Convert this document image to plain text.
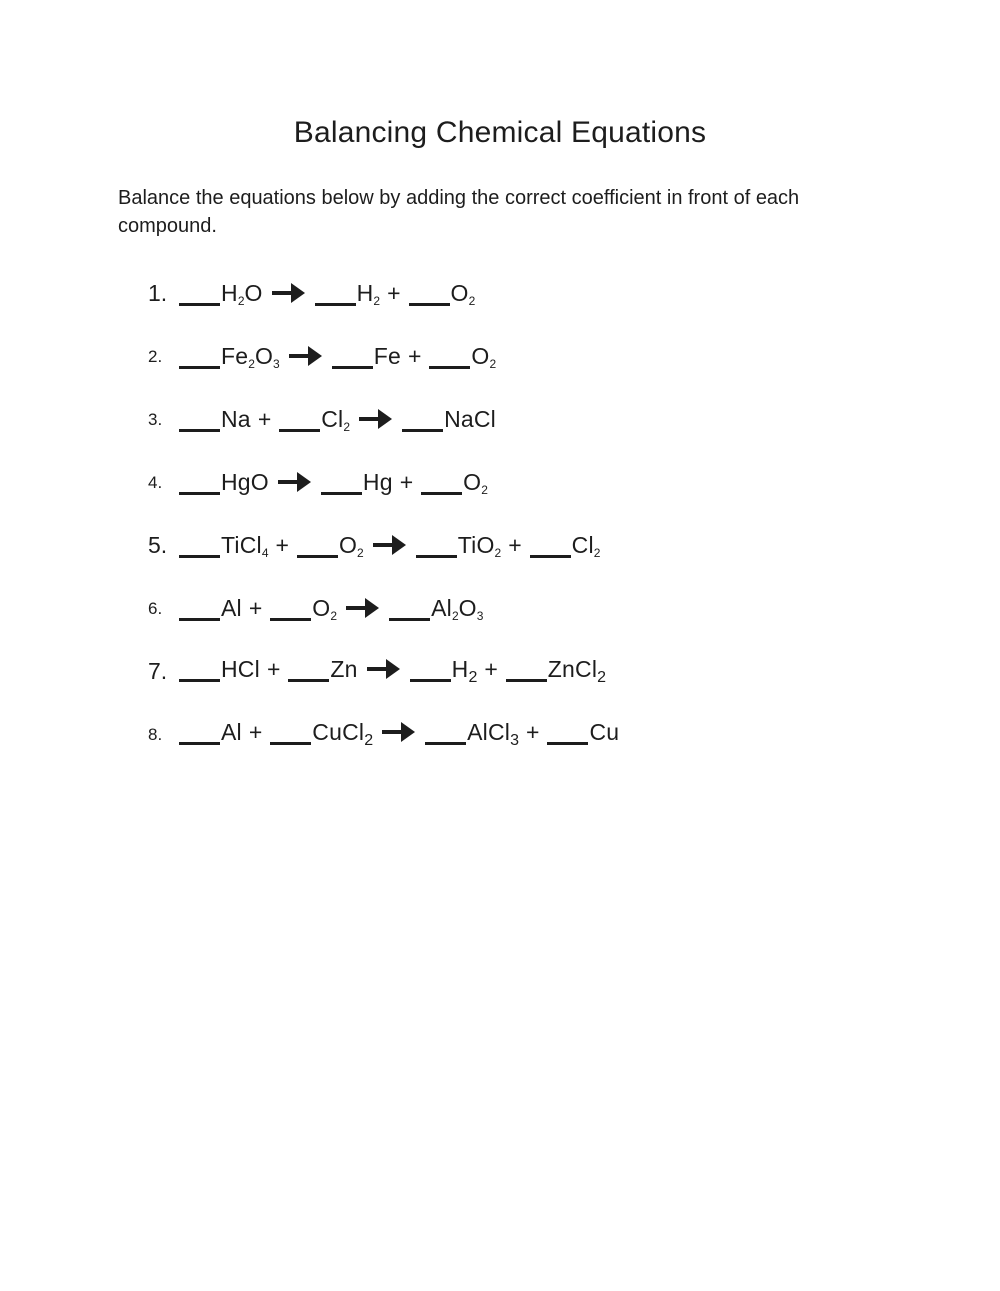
Balancing Chemical Equations

Balance the equations below by adding the correct coefficient in front of each compound.

1.	H2O → H2 + O2
2.	Fe2O3 → Fe + O2
3.	Na + Cl2 → NaCl
4.	HgO → Hg + O2
5.	TiCl4 + O2 → TiO2 + Cl2
6.	Al + O2 → Al2O3
7.	HCl + Zn → H2 + ZnCl2
8.	Al + CuCl2 → AlCl3 + Cu
